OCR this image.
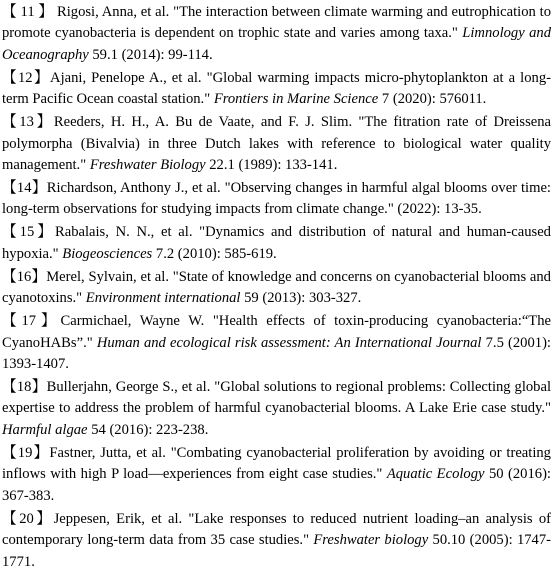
【 11 】 Rigosi, Anna, et al. "The interaction between climate warming and eutrophication to promote cyanobacteria is dependent on trophic state and varies among taxa." Limnology and Oceanography 59.1 (2014): 99-114.

【12】Ajani, Penelope A., et al. "Global warming impacts micro-phytoplankton at a long-term Pacific Ocean coastal station." Frontiers in Marine Science 7 (2020): 576011.

【13】Reeders, H. H., A. Bu de Vaate, and F. J. Slim. "The fitration rate of Dreissena polymorpha (Bivalvia) in three Dutch lakes with reference to biological water quality management." Freshwater Biology 22.1 (1989): 133-141.

【14】Richardson, Anthony J., et al. "Observing changes in harmful algal blooms over time: long-term observations for studying impacts from climate change." (2022): 13-35.

【15】Rabalais, N. N., et al. "Dynamics and distribution of natural and human-caused hypoxia." Biogeosciences 7.2 (2010): 585-619.

【16】Merel, Sylvain, et al. "State of knowledge and concerns on cyanobacterial blooms and cyanotoxins." Environment international 59 (2013): 303-327.

【17】Carmichael, Wayne W. "Health effects of toxin-producing cyanobacteria:“The CyanoHABs”." Human and ecological risk assessment: An International Journal 7.5 (2001): 1393-1407.

【18】Bullerjahn, George S., et al. "Global solutions to regional problems: Collecting global expertise to address the problem of harmful cyanobacterial blooms. A Lake Erie case study." Harmful algae 54 (2016): 223-238.

【19】Fastner, Jutta, et al. "Combating cyanobacterial proliferation by avoiding or treating inflows with high P load—experiences from eight case studies." Aquatic Ecology 50 (2016): 367-383.

【20】Jeppesen, Erik, et al. "Lake responses to reduced nutrient loading–an analysis of contemporary long-term data from 35 case studies." Freshwater biology 50.10 (2005): 1747-1771.
